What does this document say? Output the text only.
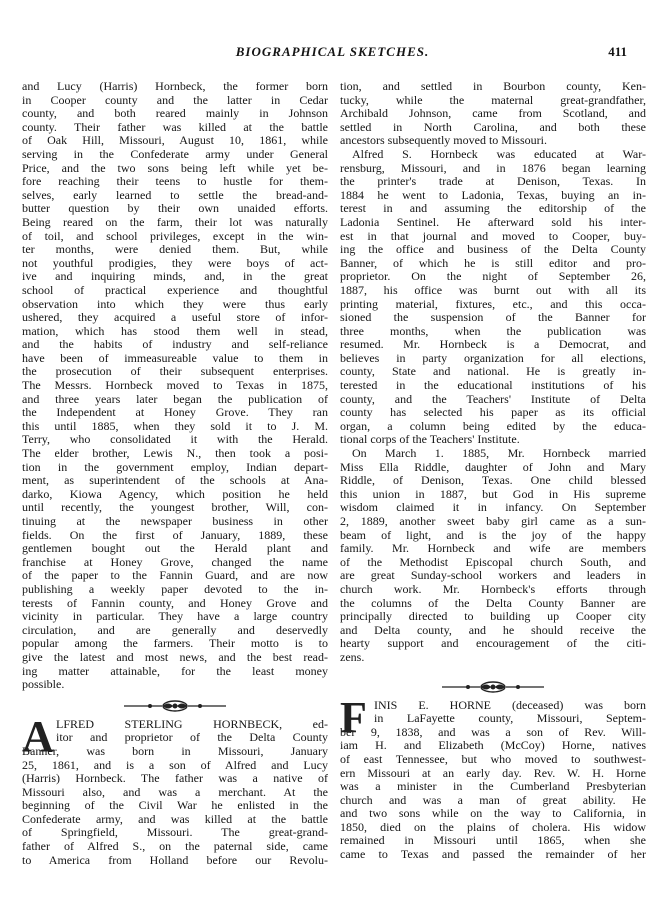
BIOGRAPHICAL SKETCHES.	411
and Lucy (Harris) Hornbeck, the former born
in Cooper county and the latter in Cedar
county, and both reared mainly in Johnson
county. Their father was killed at the battle
of Oak Hill, Missouri, August 10, 1861, while
serving in the Confederate army under General
Price, and the two sons being left while yet be-
fore reaching their teens to hustle for them-
selves, early learned to settle the bread-and-
butter question by their own unaided efforts.
Being reared on the farm, their lot was naturally
of toil, and school privileges, except in the win-
ter months, were denied them. But, while
not youthful prodigies, they were boys of act-
ive and inquiring minds, and, in the great
school of practical experience and thoughtful
observation into which they were thus early
ushered, they acquired a useful store of infor-
mation, which has stood them well in stead,
and the habits of industry and self-reliance
have been of immeasureable value to them in
the prosecution of their subsequent enterprises.
The Messrs. Hornbeck moved to Texas in 1875,
and three years later began the publication of
the Independent at Honey Grove. They ran
this until 1885, when they sold it to J. M.
Terry, who consolidated it with the Herald.
The elder brother, Lewis N., then took a posi-
tion in the government employ, Indian depart-
ment, as superintendent of the schools at Ana-
darko, Kiowa Agency, which position he held
until recently, the youngest brother, Will, con-
tinuing at the newspaper business in other
fields. On the first of January, 1889, these
gentlemen bought out the Herald plant and
franchise at Honey Grove, changed the name
of the paper to the Fannin Guard, and are now
publishing a weekly paper devoted to the in-
terests of Fannin county, and Honey Grove and
vicinity in particular. They have a large country
circulation, and are generally and deservedly
popular among the farmers. Their motto is to
give the latest and most news, and the best read-
ing matter attainable, for the least money
possible.
A LFRED STERLING HORNBECK, ed-
itor and proprietor of the Delta County
Banner, was born in Missouri, January
25, 1861, and is a son of Alfred and Lucy
(Harris) Hornbeck. The father was a native of
Missouri also, and was a merchant. At the
beginning of the Civil War he enlisted in the
Confederate army, and was killed at the battle
of Springfield, Missouri. The great-grand-
father of Alfred S., on the paternal side, came
to America from Holland before our Revolu-
tion, and settled in Bourbon county, Ken-
tucky, while the maternal great-grandfather,
Archibald Johnson, came from Scotland, and
settled in North Carolina, and both these
ancestors subsequently moved to Missouri.
Alfred S. Hornbeck was educated at War-
rensburg, Missouri, and in 1876 began learning
the printer's trade at Denison, Texas. In
1884 he went to Ladonia, Texas, buying an in-
terest in and assuming the editorship of the
Ladonia Sentinel. He afterward sold his inter-
est in that journal and moved to Cooper, buy-
ing the office and business of the Delta County
Banner, of which he is still editor and pro-
proprietor. On the night of September 26,
1887, his office was burnt out with all its
printing material, fixtures, etc., and this occa-
sioned the suspension of the Banner for
three months, when the publication was
resumed. Mr. Hornbeck is a Democrat, and
believes in party organization for all elections,
county, State and national. He is greatly in-
terested in the educational institutions of his
county, and the Teachers' Institute of Delta
county has selected his paper as its official
organ, a column being edited by the educa-
tional corps of the Teachers' Institute.
On March 1. 1885, Mr. Hornbeck married
Miss Ella Riddle, daughter of John and Mary
Riddle, of Denison, Texas. One child blessed
this union in 1887, but God in His supreme
wisdom claimed it in infancy. On September
2, 1889, another sweet baby girl came as a sun-
beam of light, and is the joy of the happy
family. Mr. Hornbeck and wife are members
of the Methodist Episcopal church South, and
are great Sunday-school workers and leaders in
church work. Mr. Hornbeck's efforts through
the columns of the Delta County Banner are
principally directed to building up Cooper city
and Delta county, and he should receive the
hearty support and encouragement of the citi-
zens.
F INIS E. HORNE (deceased) was born
in LaFayette county, Missouri, Septem-
ber 9, 1838, and was a son of Rev. Will-
iam H. and Elizabeth (McCoy) Horne, natives
of east Tennessee, but who moved to southwest-
ern Missouri at an early day. Rev. W. H. Horne
was a minister in the Cumberland Presbyterian
church and was a man of great ability. He
and two sons while on the way to California, in
1850, died on the plains of cholera. His widow
remained in Missouri until 1865, when she
came to Texas and passed the remainder of her
